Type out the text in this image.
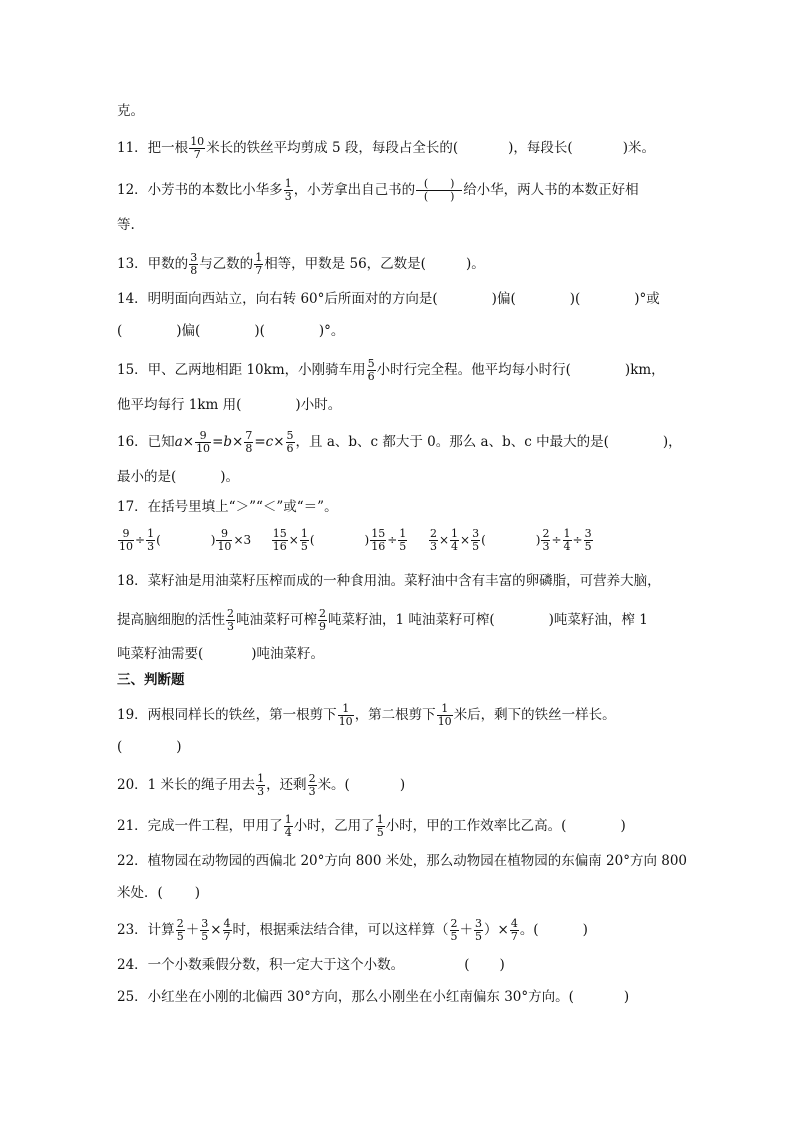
克。
11．把一根 $\frac{10}{7}$ 米长的铁丝平均剪成 5 段，每段占全长的(	)，每段长(	)米。
12．小芳书的本数比小华多 $\frac{1}{3}$ ，小芳拿出自己书的 $\frac{( )}{( )}$ 给小华，两人书的本数正好相
等.
13．甲数的 $\frac{3}{8}$ 与乙数的 $\frac{1}{7}$ 相等，甲数是 56，乙数是(	)。
14．明明面向西站立，向右转 60°后所面对的方向是(	)偏(	)(	)°或
(	)偏(	)(	)°。
15．甲、乙两地相距 10km，小刚骑车用 $\frac{5}{6}$ 小时行完全程。他平均每小时行(	)km，
他平均每行 1km 用(	)小时。
16．已知$a\times \frac{9}{10} =b\times \frac{7}{8} =c\times \frac{5}{6}$ ，且 a、b、c 都大于 0。那么 a、b、c 中最大的是(	)，
最小的是(	)。
17．在括号里填上“＞”“＜”或“＝”。
$\frac{9}{10} \div \frac{1}{3}$ (	) $\frac{9}{10} \times 3 \frac{15}{16} \times \frac{1}{5}$ (	) $\frac{15}{16} \div \frac{1}{5}$
$\frac{2}{3} \times \frac{1}{4} \times \frac{3}{5}$ (	) $\frac{2}{3} \div \frac{1}{4} \div \frac{3}{5}$
18．菜籽油是用油菜籽压榨而成的一种食用油。菜籽油中含有丰富的卵磷脂，可营养大脑，
提高脑细胞的活性 $\frac{2}{3}$ 吨油菜籽可榨 $\frac{2}{9}$ 吨菜籽油，1 吨油菜籽可榨(	)吨菜籽油，榨 1
吨菜籽油需要(	)吨油菜籽。
三、判断题
19．两根同样长的铁丝，第一根剪下 $\frac{1}{10}$ ，第二根剪下 $\frac{1}{10}$ 米后，剩下的铁丝一样长。
(	)
20．1 米长的绳子用去 $\frac{1}{3}$ ，还剩 $\frac{2}{3}$ 米。(	)
21．完成一件工程，甲用了 $\frac{1}{4}$ 小时，乙用了 $\frac{1}{5}$ 小时，甲的工作效率比乙高。(	)
22．植物园在动物园的西偏北 20°方向 800 米处，那么动物园在植物园的东偏南 20°方向 800
米处．( )
23．计算 $\frac{2}{5} + \frac{3}{5} \times \frac{4}{7}$ 时，根据乘法结合律，可以这样算（ $\frac{2}{5} + \frac{3}{5}$ ）× $\frac{4}{7}$ 。(	)
24．一个小数乘假分数，积一定大于这个小数。	( )
25．小红坐在小刚的北偏西 30°方向，那么小刚坐在小红南偏东 30°方向。(	)
